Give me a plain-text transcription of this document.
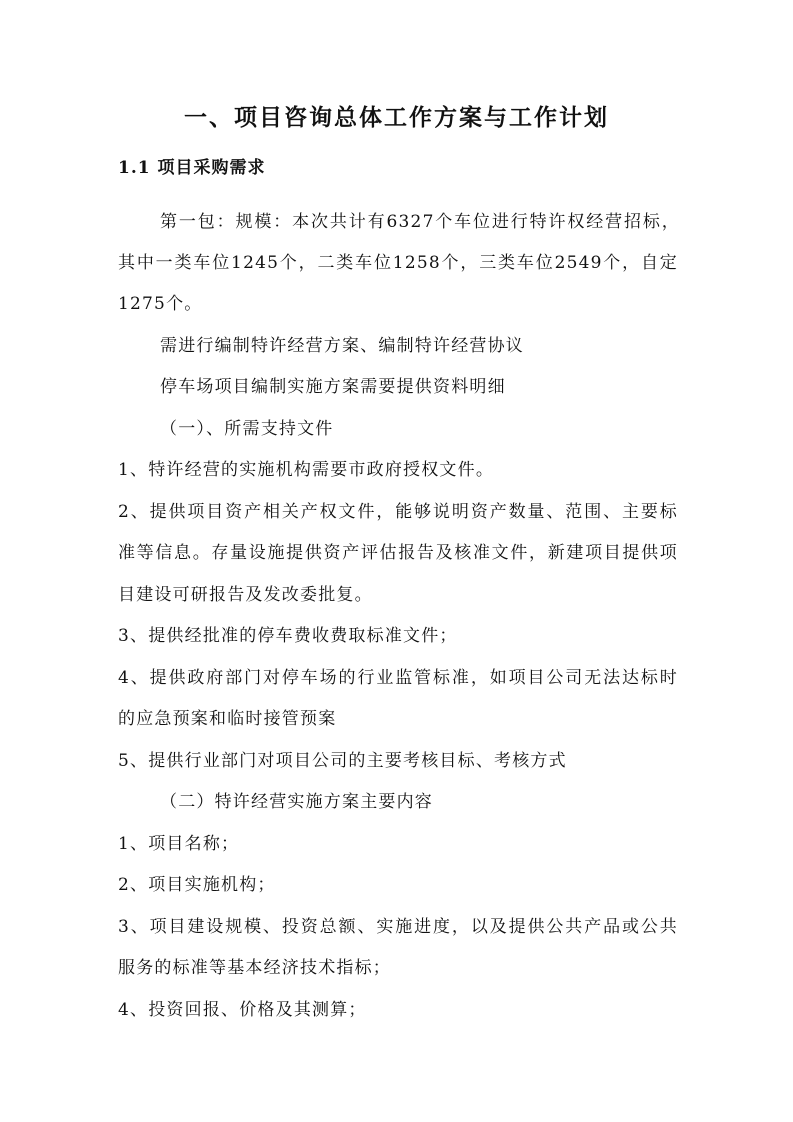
一、项目咨询总体工作方案与工作计划
1.1 项目采购需求
第一包：规模：本次共计有6327个车位进行特许权经营招标，
其中一类车位1245个，二类车位1258个，三类车位2549个，自定
1275个。
需进行编制特许经营方案、编制特许经营协议
停车场项目编制实施方案需要提供资料明细
（一）、所需支持文件
1、特许经营的实施机构需要市政府授权文件。
2、提供项目资产相关产权文件，能够说明资产数量、范围、主要标
准等信息。存量设施提供资产评估报告及核准文件，新建项目提供项
目建设可研报告及发改委批复。
3、提供经批准的停车费收费取标准文件；
4、提供政府部门对停车场的行业监管标准，如项目公司无法达标时
的应急预案和临时接管预案
5、提供行业部门对项目公司的主要考核目标、考核方式
（二）特许经营实施方案主要内容
1、项目名称；
2、项目实施机构；
3、项目建设规模、投资总额、实施进度，以及提供公共产品或公共
服务的标准等基本经济技术指标；
4、投资回报、价格及其测算；
